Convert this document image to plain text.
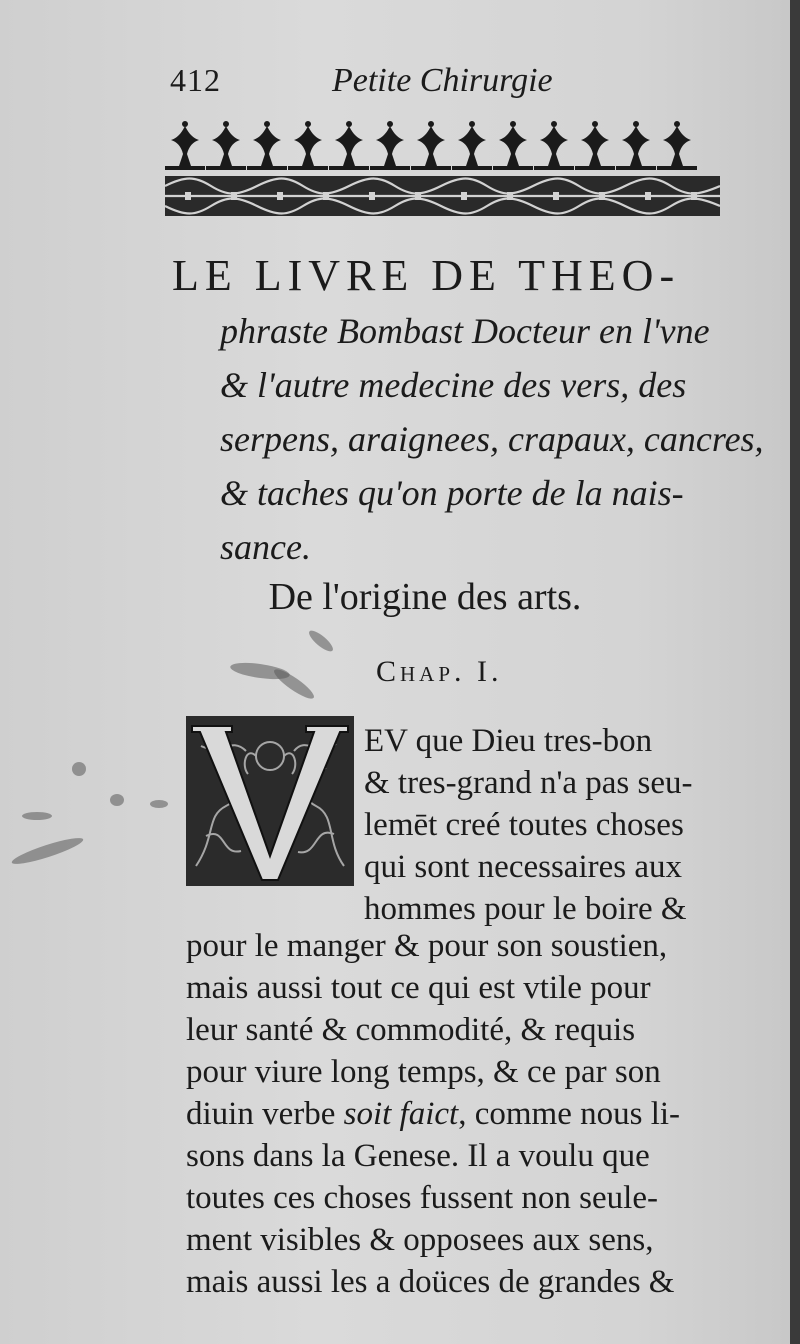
412	Petite Chirurgie
LE LIVRE DE THEO-
phraste Bombast Docteur en l'vne
& l'autre medecine des vers, des
serpens, araignees, crapaux, cancres,
& taches qu'on porte de la nais-
sance.
De l'origine des arts.
Chap. I.
EV que Dieu tres-bon
& tres-grand n'a pas seu-
lemēt creé toutes choses
qui sont necessaires aux
hommes pour le boire &
pour le manger & pour son soustien,
mais aussi tout ce qui est vtile pour
leur santé & commodité, & requis
pour viure long temps, & ce par son
diuin verbe soit faict, comme nous li-
sons dans la Genese. Il a voulu que
toutes ces choses fussent non seule-
ment visibles & opposees aux sens,
mais aussi les a doüces de grandes &
